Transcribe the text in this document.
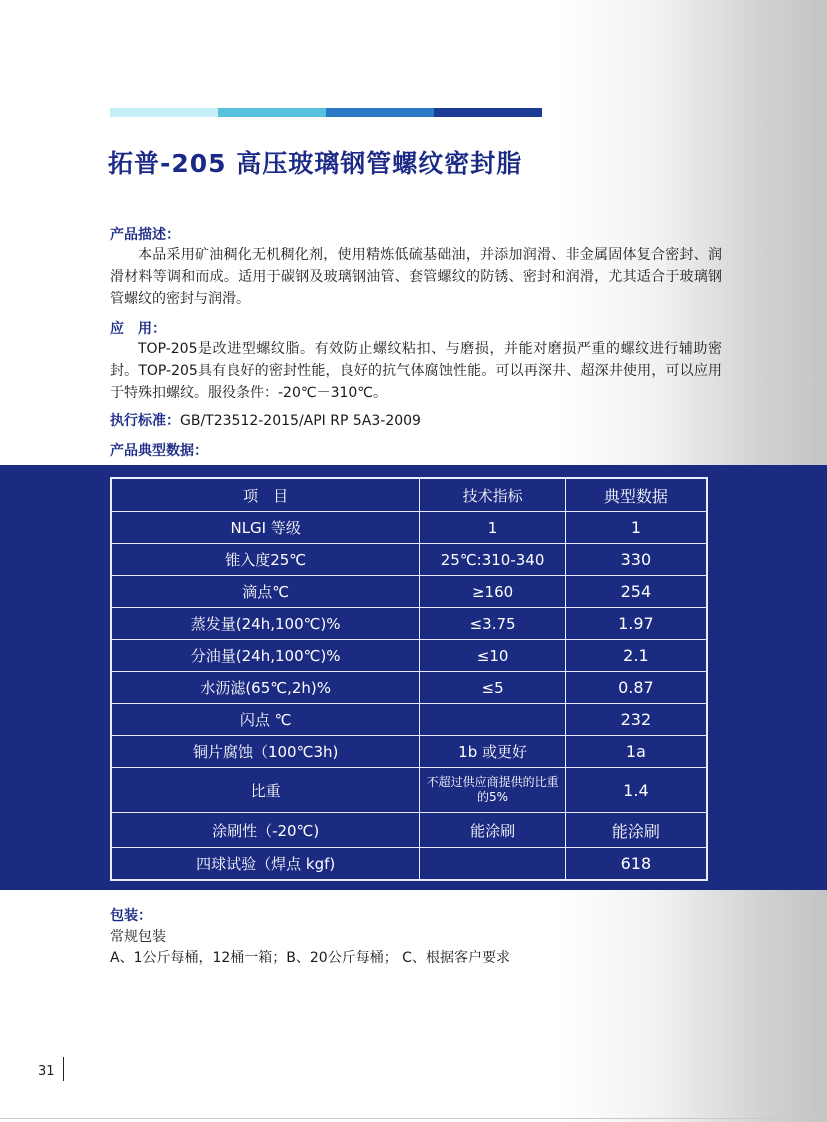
拓普-205 高压玻璃钢管螺纹密封脂
产品描述：

本品采用矿油稠化无机稠化剂，使用精炼低硫基础油，并添加润滑、非金属固体复合密封、润滑材料等调和而成。适用于碳钢及玻璃钢油管、套管螺纹的防锈、密封和润滑，尤其适合于玻璃钢管螺纹的密封与润滑。

应　用：

TOP-205是改进型螺纹脂。有效防止螺纹粘扣、与磨损，并能对磨损严重的螺纹进行辅助密封。TOP-205具有良好的密封性能，良好的抗气体腐蚀性能。可以再深井、超深井使用，可以应用于特殊扣螺纹。服役条件：-20℃－310℃。

执行标准：GB/T23512-2015/API RP 5A3-2009
产品典型数据：
项　目	技术指标	典型数据
NLGI 等级	1	1
锥入度25℃	25℃:310-340	330
滴点℃	≥160	254
蒸发量(24h,100℃)%	≤3.75	1.97
分油量(24h,100℃)%	≤10	2.1
水沥滤(65℃,2h)%	≤5	0.87
闪点 ℃		232
铜片腐蚀（100℃3h)	1b 或更好	1a
比重	不超过供应商提供的比重的5%	1.4
涂刷性（-20℃)	能涂刷	能涂刷
四球试验（焊点 kgf)		618
包装：
常规包装
A、1公斤每桶，12桶一箱；B、20公斤每桶； C、根据客户要求
31
